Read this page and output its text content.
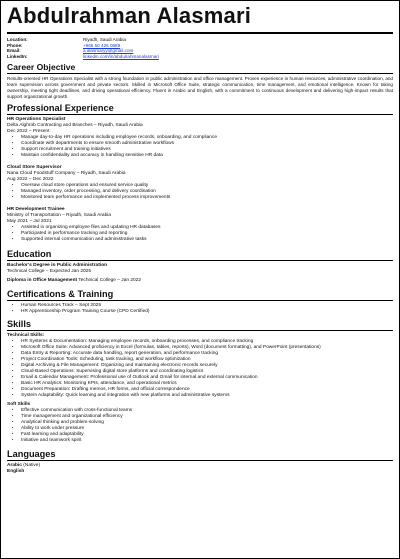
Abdulrahman Alasmari
Location:	Riyadh, Saudi Arabia
Phone:	+966 50 425 0689
Email:	a.alasmaryy@gmail.com
LinkedIn:	linkedin.com/in/abdulrahmanalasmari
Career Objective
Results-oriented HR Operations Specialist with a strong foundation in public administration and office management. Proven experience in human resources, administrative coordination, and team supervision across government and private sectors. Skilled in Microsoft Office Suite, strategic communication, time management, and emotional intelligence. Known for taking ownership, meeting tight deadlines, and driving operational efficiency. Fluent in Arabic and English, with a commitment to continuous development and delivering high-impact results that support organizational growth.
Professional Experience
HR Operations Specialist
Delta Alghrob Contracting and Branches – Riyadh, Saudi Arabia
Dec 2022 – Present
• Manage day-to-day HR operations including employee records, onboarding, and compliance
• Coordinate with departments to ensure smooth administrative workflows
• Support recruitment and training initiatives
• Maintain confidentiality and accuracy in handling sensitive HR data
Cloud Store Supervisor
Nana Cloud Foodstuff Company – Riyadh, Saudi Arabia
Aug 2022 – Dec 2022
• Oversaw cloud store operations and ensured service quality
• Managed inventory, order processing, and delivery coordination
• Monitored team performance and implemented process improvements
HR Development Trainee
Ministry of Transportation – Riyadh, Saudi Arabia
May 2021 – Jul 2021
• Assisted in organizing employee files and updating HR databases
• Participated in performance tracking and reporting
• Supported internal communication and administrative tasks
Education
Bachelor's Degree in Public Administration
Technical College – Expected Jan 2025
Diploma in Office Management Technical College – Jan 2022
Certifications & Training
• Human Resources Track – Sept 2025
• HR Apprenticeship Program Training Course (CPD Certified)
Skills
Technical Skills:
• HR Systems & Documentation: Managing employee records, onboarding processes, and compliance tracking
• Microsoft Office Suite: Advanced proficiency in Excel (formulas, tables, reports), Word (document formatting), and PowerPoint (presentations)
• Data Entry & Reporting: Accurate data handling, report generation, and performance tracking
• Project Coordination Tools: Scheduling, task tracking, and workflow optimization
• Digital Archiving & File Management: Organizing and maintaining electronic records securely
• Cloud-Based Operations: Supervising digital store platforms and coordinating logistics
• Email & Calendar Management: Professional use of Outlook and Gmail for internal and external communication
• Basic HR Analytics: Monitoring KPIs, attendance, and operational metrics
• Document Preparation: Drafting memos, HR forms, and official correspondence
• System Adaptability: Quick learning and integration with new platforms and administrative systems
Soft Skills
• Effective communication with cross-functional teams
• Time management and organizational efficiency
• Analytical thinking and problem-solving
• Ability to work under pressure
• Fast learning and adaptability
• Initiative and teamwork spirit
Languages
Arabic (Native)
English
